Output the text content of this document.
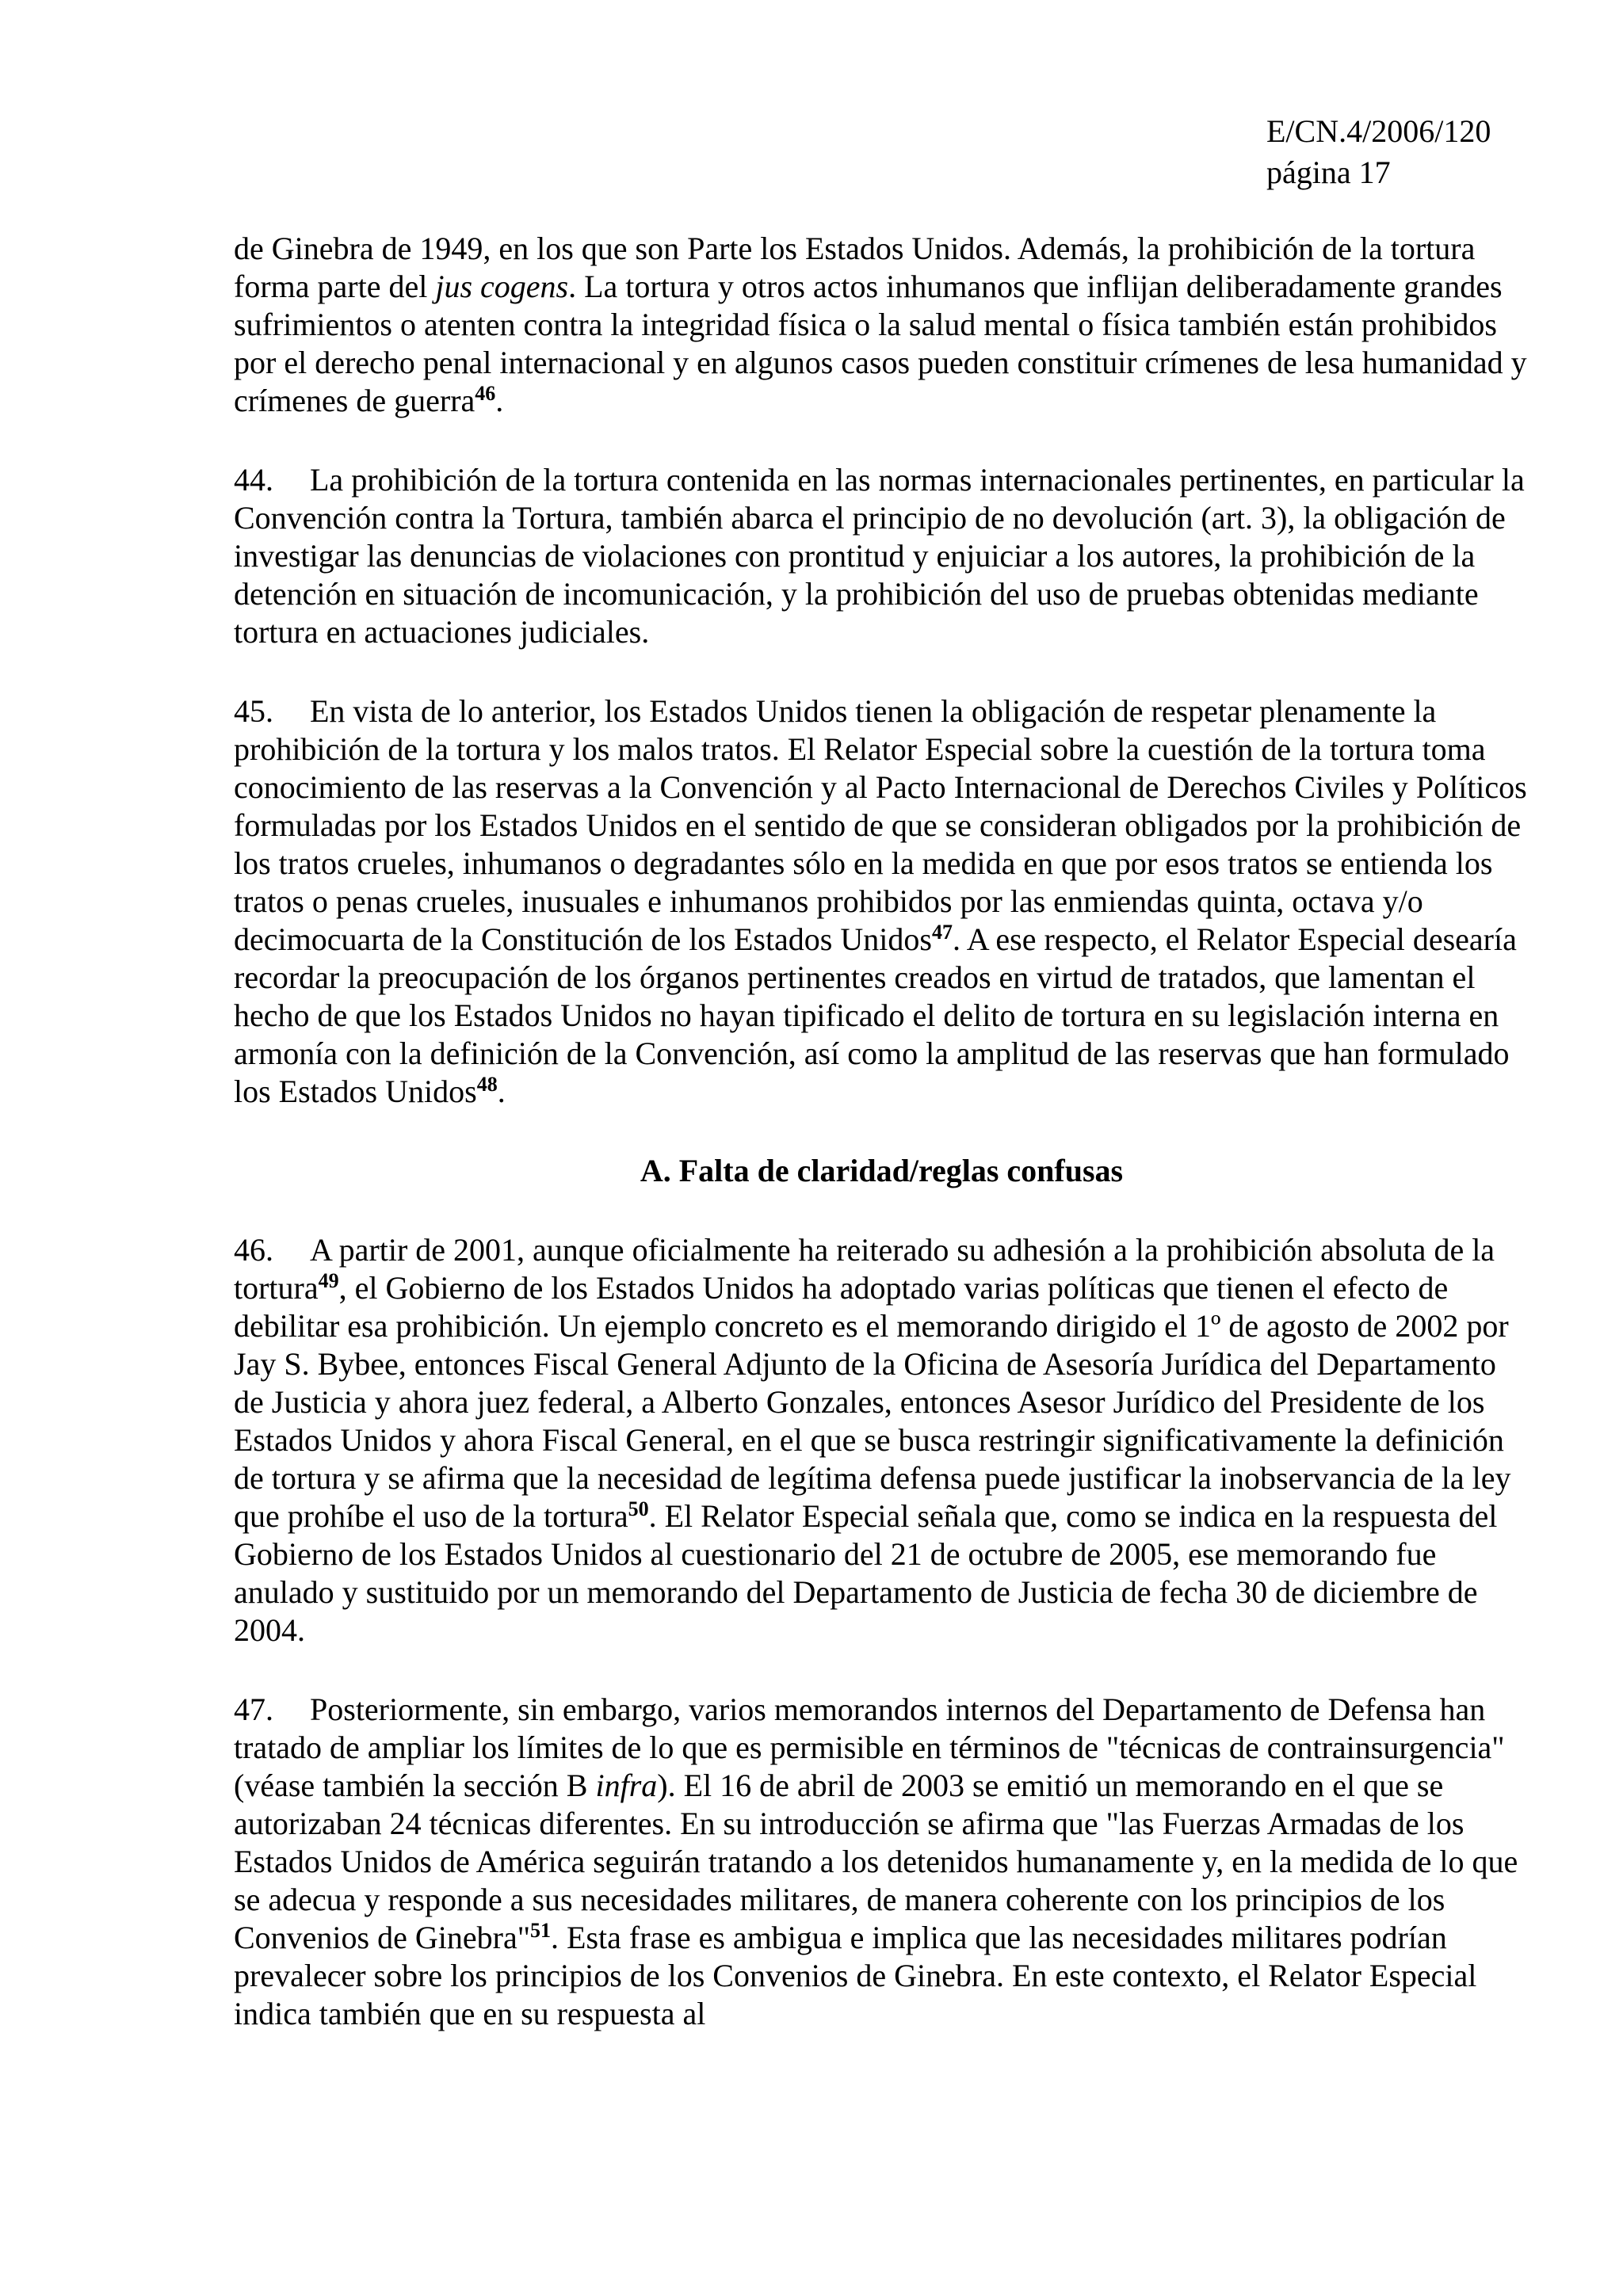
E/CN.4/2006/120
página 17

de Ginebra de 1949, en los que son Parte los Estados Unidos. Además, la prohibición de la tortura forma parte del jus cogens. La tortura y otros actos inhumanos que inflijan deliberadamente grandes sufrimientos o atenten contra la integridad física o la salud mental o física también están prohibidos por el derecho penal internacional y en algunos casos pueden constituir crímenes de lesa humanidad y crímenes de guerra$^{46}$.

44. La prohibición de la tortura contenida en las normas internacionales pertinentes, en particular la Convención contra la Tortura, también abarca el principio de no devolución (art. 3), la obligación de investigar las denuncias de violaciones con prontitud y enjuiciar a los autores, la prohibición de la detención en situación de incomunicación, y la prohibición del uso de pruebas obtenidas mediante tortura en actuaciones judiciales.

45. En vista de lo anterior, los Estados Unidos tienen la obligación de respetar plenamente la prohibición de la tortura y los malos tratos. El Relator Especial sobre la cuestión de la tortura toma conocimiento de las reservas a la Convención y al Pacto Internacional de Derechos Civiles y Políticos formuladas por los Estados Unidos en el sentido de que se consideran obligados por la prohibición de los tratos crueles, inhumanos o degradantes sólo en la medida en que por esos tratos se entienda los tratos o penas crueles, inusuales e inhumanos prohibidos por las enmiendas quinta, octava y/o decimocuarta de la Constitución de los Estados Unidos$^{47}$. A ese respecto, el Relator Especial desearía recordar la preocupación de los órganos pertinentes creados en virtud de tratados, que lamentan el hecho de que los Estados Unidos no hayan tipificado el delito de tortura en su legislación interna en armonía con la definición de la Convención, así como la amplitud de las reservas que han formulado los Estados Unidos$^{48}$.

A. Falta de claridad/reglas confusas

46. A partir de 2001, aunque oficialmente ha reiterado su adhesión a la prohibición absoluta de la tortura$^{49}$, el Gobierno de los Estados Unidos ha adoptado varias políticas que tienen el efecto de debilitar esa prohibición. Un ejemplo concreto es el memorando dirigido el 1º de agosto de 2002 por Jay S. Bybee, entonces Fiscal General Adjunto de la Oficina de Asesoría Jurídica del Departamento de Justicia y ahora juez federal, a Alberto Gonzales, entonces Asesor Jurídico del Presidente de los Estados Unidos y ahora Fiscal General, en el que se busca restringir significativamente la definición de tortura y se afirma que la necesidad de legítima defensa puede justificar la inobservancia de la ley que prohíbe el uso de la tortura$^{50}$. El Relator Especial señala que, como se indica en la respuesta del Gobierno de los Estados Unidos al cuestionario del 21 de octubre de 2005, ese memorando fue anulado y sustituido por un memorando del Departamento de Justicia de fecha 30 de diciembre de 2004.

47. Posteriormente, sin embargo, varios memorandos internos del Departamento de Defensa han tratado de ampliar los límites de lo que es permisible en términos de "técnicas de contrainsurgencia" (véase también la sección B infra). El 16 de abril de 2003 se emitió un memorando en el que se autorizaban 24 técnicas diferentes. En su introducción se afirma que "las Fuerzas Armadas de los Estados Unidos de América seguirán tratando a los detenidos humanamente y, en la medida de lo que se adecua y responde a sus necesidades militares, de manera coherente con los principios de los Convenios de Ginebra"$^{51}$. Esta frase es ambigua e implica que las necesidades militares podrían prevalecer sobre los principios de los Convenios de Ginebra. En este contexto, el Relator Especial indica también que en su respuesta al
